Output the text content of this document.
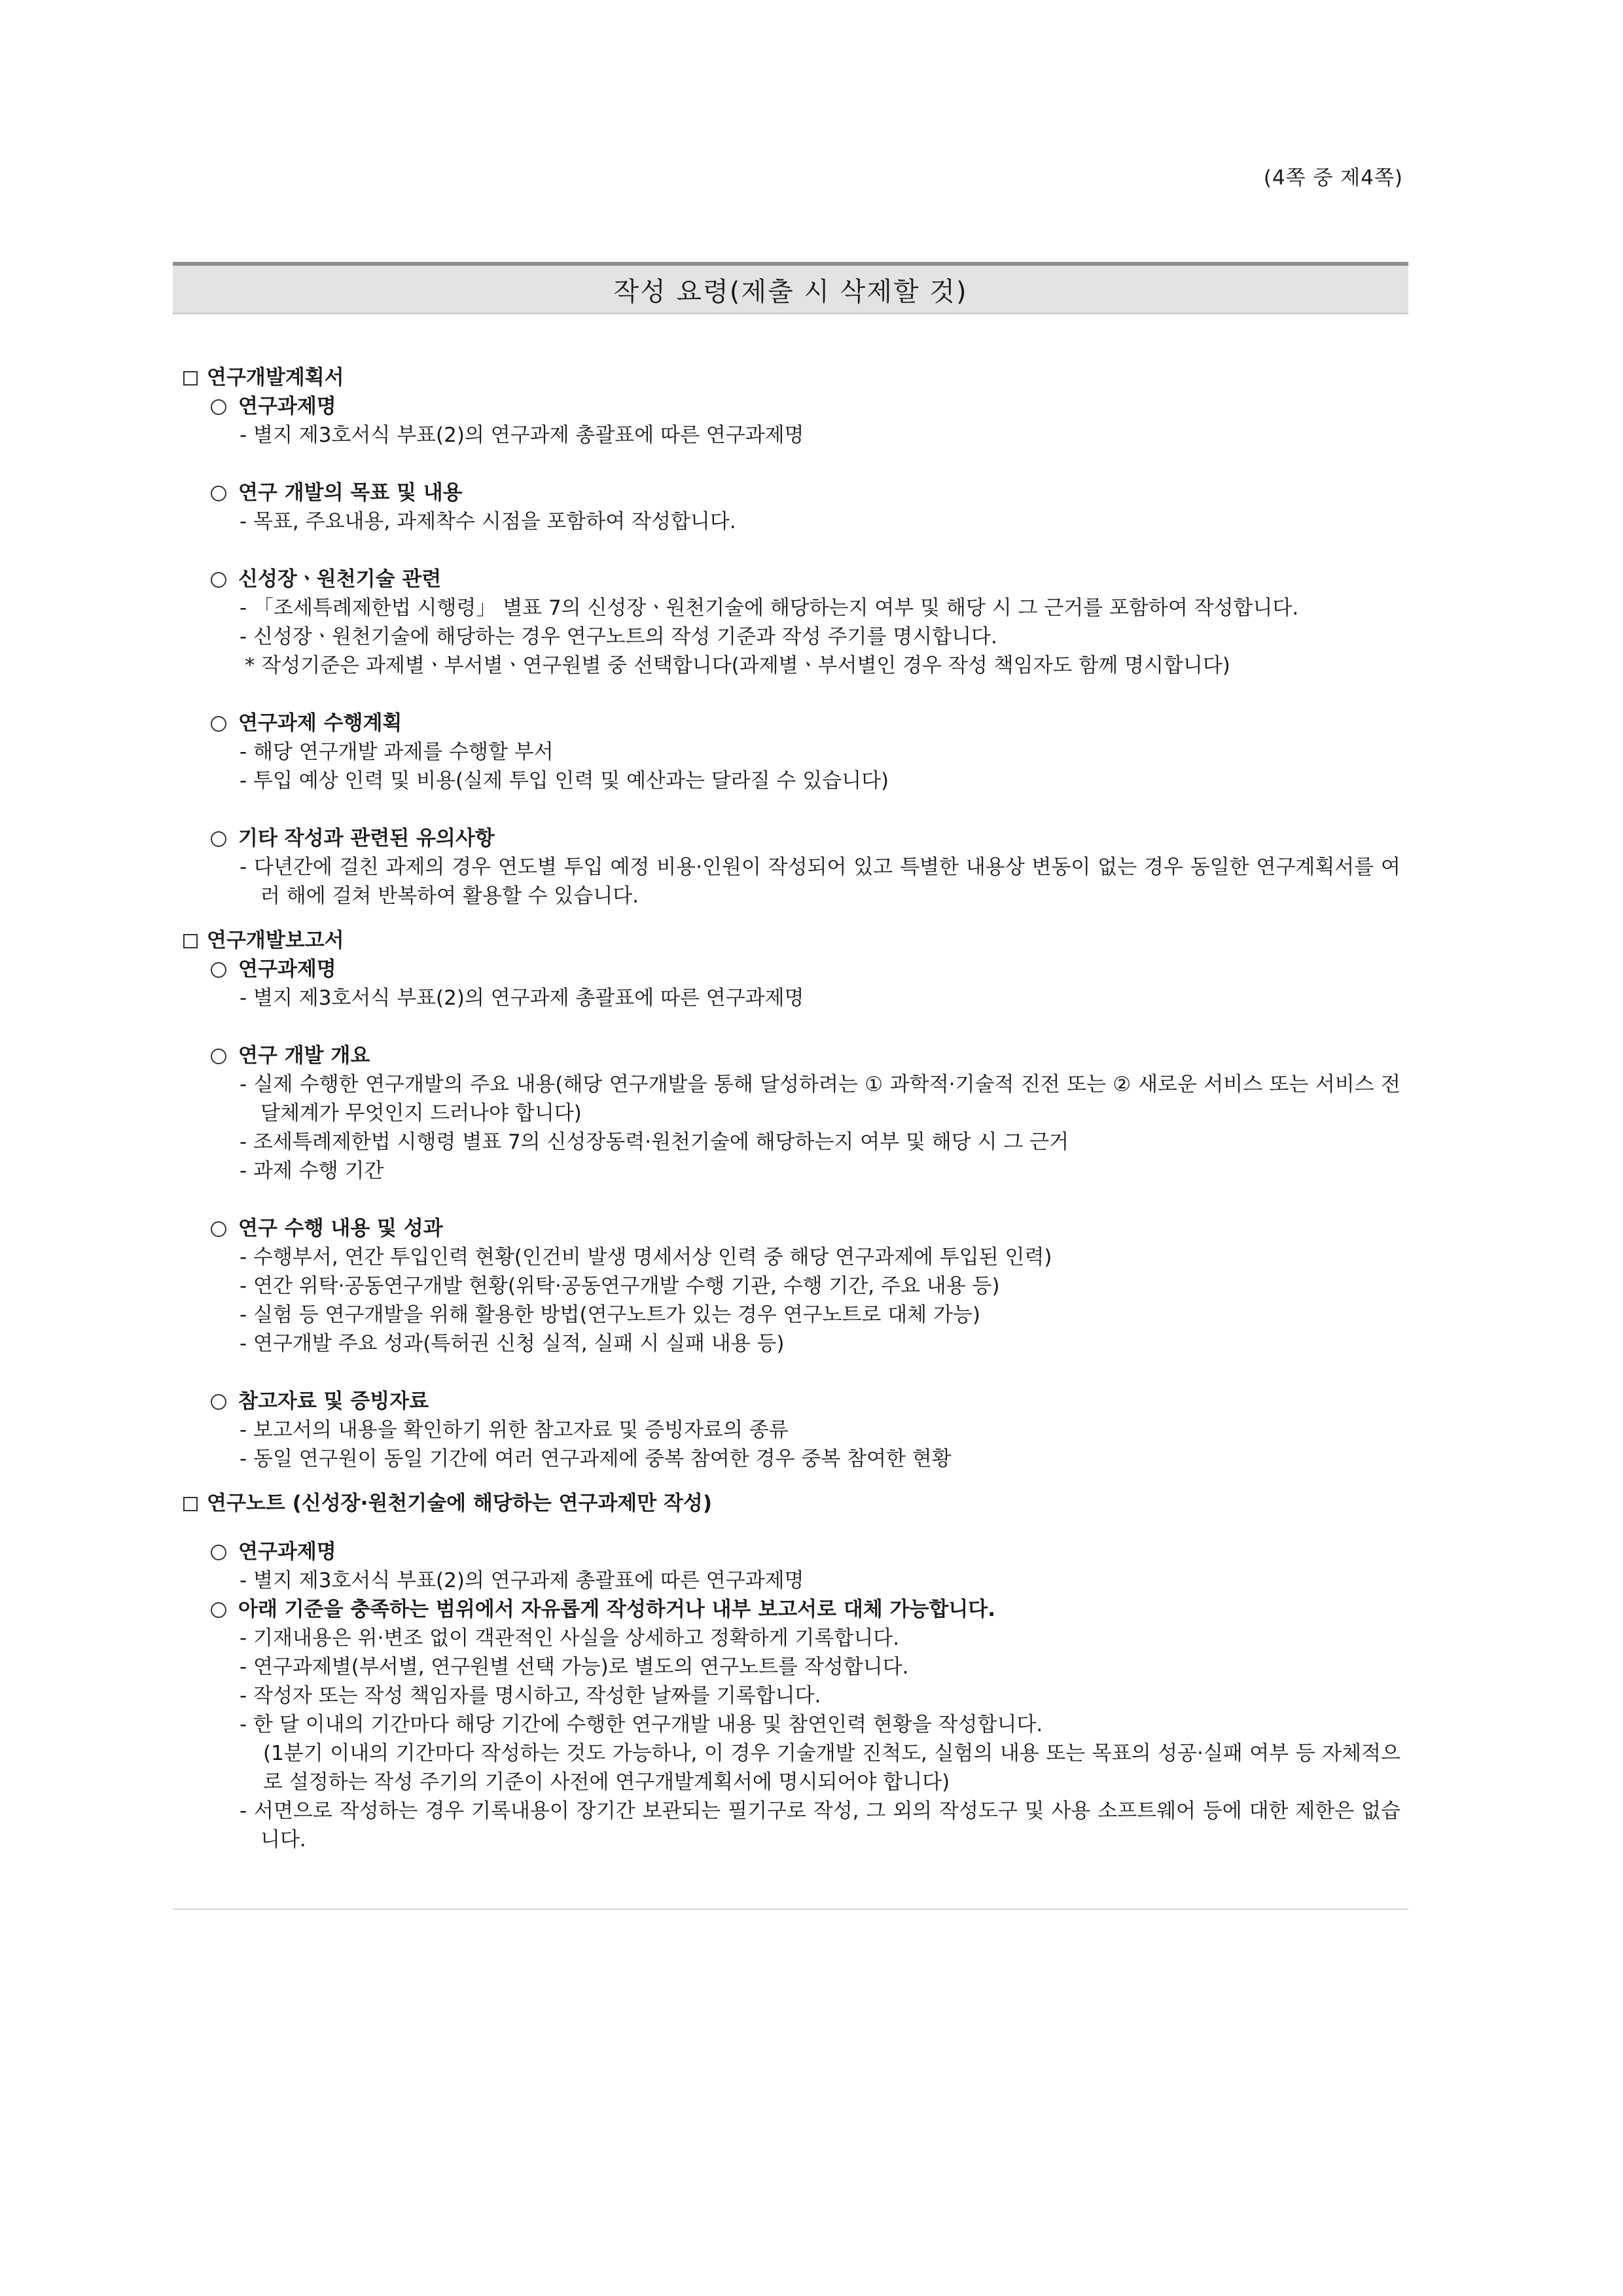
(4쪽 중 제4쪽)
작성 요령(제출 시 삭제할 것)
연구개발계획서
연구과제명
- 별지 제3호서식 부표(2)의 연구과제 총괄표에 따른 연구과제명
연구 개발의 목표 및 내용
- 목표, 주요내용, 과제착수 시점을 포함하여 작성합니다.
신성장ㆍ원천기술 관련
- 「조세특례제한법 시행령」 별표 7의 신성장ㆍ원천기술에 해당하는지 여부 및 해당 시 그 근거를 포함하여 작성합니다.
- 신성장ㆍ원천기술에 해당하는 경우 연구노트의 작성 기준과 작성 주기를 명시합니다.
* 작성기준은 과제별ㆍ부서별ㆍ연구원별 중 선택합니다(과제별ㆍ부서별인 경우 작성 책임자도 함께 명시합니다)
연구과제 수행계획
- 해당 연구개발 과제를 수행할 부서
- 투입 예상 인력 및 비용(실제 투입 인력 및 예산과는 달라질 수 있습니다)
기타 작성과 관련된 유의사항
- 다년간에 걸친 과제의 경우 연도별 투입 예정 비용·인원이 작성되어 있고 특별한 내용상 변동이 없는 경우 동일한 연구계획서를 여러 해에 걸쳐 반복하여 활용할 수 있습니다.
연구개발보고서
연구과제명
- 별지 제3호서식 부표(2)의 연구과제 총괄표에 따른 연구과제명
연구 개발 개요
- 실제 수행한 연구개발의 주요 내용(해당 연구개발을 통해 달성하려는 ① 과학적·기술적 진전 또는 ② 새로운 서비스 또는 서비스 전달체계가 무엇인지 드러나야 합니다)
- 조세특례제한법 시행령 별표 7의 신성장동력·원천기술에 해당하는지 여부 및 해당 시 그 근거
- 과제 수행 기간
연구 수행 내용 및 성과
- 수행부서, 연간 투입인력 현황(인건비 발생 명세서상 인력 중 해당 연구과제에 투입된 인력)
- 연간 위탁·공동연구개발 현황(위탁·공동연구개발 수행 기관, 수행 기간, 주요 내용 등)
- 실험 등 연구개발을 위해 활용한 방법(연구노트가 있는 경우 연구노트로 대체 가능)
- 연구개발 주요 성과(특허권 신청 실적, 실패 시 실패 내용 등)
참고자료 및 증빙자료
- 보고서의 내용을 확인하기 위한 참고자료 및 증빙자료의 종류
- 동일 연구원이 동일 기간에 여러 연구과제에 중복 참여한 경우 중복 참여한 현황
연구노트 (신성장·원천기술에 해당하는 연구과제만 작성)
연구과제명
- 별지 제3호서식 부표(2)의 연구과제 총괄표에 따른 연구과제명
아래 기준을 충족하는 범위에서 자유롭게 작성하거나 내부 보고서로 대체 가능합니다.
- 기재내용은 위·변조 없이 객관적인 사실을 상세하고 정확하게 기록합니다.
- 연구과제별(부서별, 연구원별 선택 가능)로 별도의 연구노트를 작성합니다.
- 작성자 또는 작성 책임자를 명시하고, 작성한 날짜를 기록합니다.
- 한 달 이내의 기간마다 해당 기간에 수행한 연구개발 내용 및 참연인력 현황을 작성합니다.
(1분기 이내의 기간마다 작성하는 것도 가능하나, 이 경우 기술개발 진척도, 실험의 내용 또는 목표의 성공·실패 여부 등 자체적으로 설정하는 작성 주기의 기준이 사전에 연구개발계획서에 명시되어야 합니다)
- 서면으로 작성하는 경우 기록내용이 장기간 보관되는 필기구로 작성, 그 외의 작성도구 및 사용 소프트웨어 등에 대한 제한은 없습니다.
